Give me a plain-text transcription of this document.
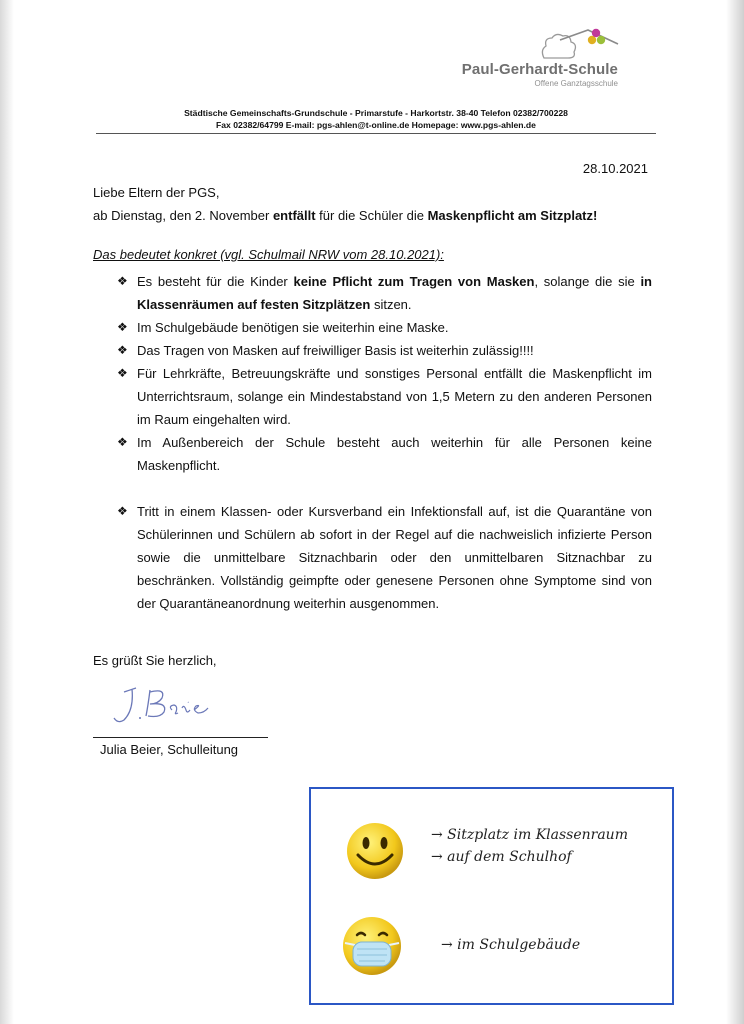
Paul-Gerhardt-Schule
Offene Ganztagsschule
Städtische Gemeinschafts-Grundschule - Primarstufe - Harkortstr. 38-40 Telefon 02382/700228
Fax 02382/64799 E-mail: pgs-ahlen@t-online.de Homepage: www.pgs-ahlen.de
28.10.2021
Liebe Eltern der PGS,
ab Dienstag, den 2. November entfällt für die Schüler die Maskenpflicht am Sitzplatz!
Das bedeutet konkret (vgl. Schulmail NRW vom 28.10.2021):
❖ Es besteht für die Kinder keine Pflicht zum Tragen von Masken, solange die sie in Klassenräumen auf festen Sitzplätzen sitzen.
❖ Im Schulgebäude benötigen sie weiterhin eine Maske.
❖ Das Tragen von Masken auf freiwilliger Basis ist weiterhin zulässig!!!!
❖ Für Lehrkräfte, Betreuungskräfte und sonstiges Personal entfällt die Maskenpflicht im Unterrichtsraum, solange ein Mindestabstand von 1,5 Metern zu den anderen Personen im Raum eingehalten wird.
❖ Im Außenbereich der Schule besteht auch weiterhin für alle Personen keine Maskenpflicht.
❖ Tritt in einem Klassen- oder Kursverband ein Infektionsfall auf, ist die Quarantäne von Schülerinnen und Schülern ab sofort in der Regel auf die nachweislich infizierte Person sowie die unmittelbare Sitznachbarin oder den unmittelbaren Sitznachbar zu beschränken. Vollständig geimpfte oder genesene Personen ohne Symptome sind von der Quarantäneanordnung weiterhin ausgenommen.
Es grüßt Sie herzlich,
Julia Beier, Schulleitung
→ Sitzplatz im Klassenraum
→ auf dem Schulhof
→ im Schulgebäude
